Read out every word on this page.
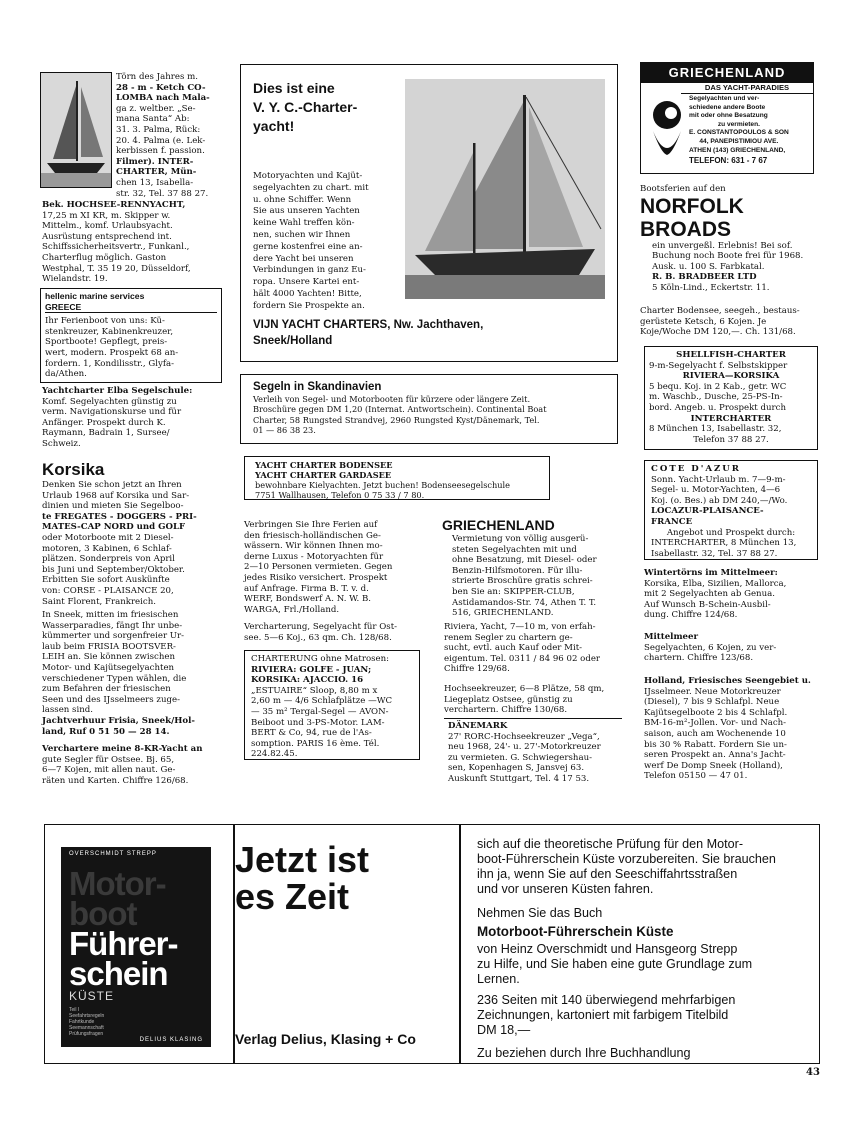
Törn des Jahres m.
28 - m - Ketch CO-
LOMBA nach Mala-
ga z. weltber. „Se-
mana Santa“ Ab:
31. 3. Palma, Rück:
20. 4. Palma (e. Lek-
kerbissen f. passion.
Filmer). INTER-
CHARTER, Mün-
chen 13, Isabella-
str. 32, Tel. 37 88 27.
Bek. HOCHSEE-RENNYACHT,
17,25 m XI KR, m. Skipper w.
Mittelm., komf. Urlaubsyacht.
Ausrüstung entsprechend int.
Schiffssicherheitsvertr., Funkanl.,
Charterflug möglich. Gaston
Westphal, T. 35 19 20, Düsseldorf,
Wielandstr. 19.
hellenic marine services
GREECE
Ihr Ferienboot von uns: Kü-
stenkreuzer, Kabinenkreuzer,
Sportboote! Gepflegt, preis-
wert, modern. Prospekt 68 an-
fordern. 1, Kondilisstr., Glyfa-
da/Athen.
Yachtcharter Elba Segelschule:
Komf. Segelyachten günstig zu
verm. Navigationskurse und für
Anfänger. Prospekt durch K.
Raymann, Badrain 1, Sursee/
Schweiz.
Korsika
Denken Sie schon jetzt an Ihren
Urlaub 1968 auf Korsika und Sar-
dinien und mieten Sie Segelboo-
te FREGATES - DOGGERS - PRI-
MATES-CAP NORD und GOLF
oder Motorboote mit 2 Diesel-
motoren, 3 Kabinen, 6 Schlaf-
plätzen. Sonderpreis von April
bis Juni und September/Oktober.
Erbitten Sie sofort Auskünfte
von: CORSE - PLAISANCE 20,
Saint Florent, Frankreich.
In Sneek, mitten im friesischen
Wasserparadies, fängt Ihr unbe-
kümmerter und sorgenfreier Ur-
laub beim FRISIA BOOTSVER-
LEIH an. Sie können zwischen
Motor- und Kajütsegelyachten
verschiedener Typen wählen, die
zum Befahren der friesischen
Seen und des IJsselmeers zuge-
lassen sind.
Jachtverhuur Frisia, Sneek/Hol-
land, Ruf 0 51 50 — 28 14.
Verchartere meine 8-KR-Yacht an
gute Segler für Ostsee. Bj. 65,
6—7 Kojen, mit allen naut. Ge-
räten und Karten. Chiffre 126/68.
Dies ist eine
V. Y. C.-Charter-
yacht!
Motoryachten und Kajüt-
segelyachten zu chart. mit
u. ohne Schiffer. Wenn
Sie aus unseren Yachten
keine Wahl treffen kön-
nen, suchen wir Ihnen
gerne kostenfrei eine an-
dere Yacht bei unseren
Verbindungen in ganz Eu-
ropa. Unsere Kartei ent-
hält 4000 Yachten! Bitte,
fordern Sie Prospekte an.
VIJN YACHT CHARTERS, Nw. Jachthaven,
Sneek/Holland
Segeln in Skandinavien
Verleih von Segel- und Motorbooten für kürzere oder längere Zeit.
Broschüre gegen DM 1,20 (Internat. Antwortschein). Continental Boat
Charter, 58 Rungsted Strandvej, 2960 Rungsted Kyst/Dänemark, Tel.
01 — 86 38 23.
YACHT CHARTER BODENSEE
YACHT CHARTER GARDASEE
bewohnbare Kielyachten. Jetzt buchen! Bodenseesegelschule
7751 Wallhausen, Telefon 0 75 33 / 7 80.
Verbringen Sie Ihre Ferien auf
den friesisch-holländischen Ge-
wässern. Wir können Ihnen mo-
derne Luxus - Motoryachten für
2—10 Personen vermieten. Gegen
jedes Risiko versichert. Prospekt
auf Anfrage. Firma B. T. v. d.
WERF, Bondswerf A. N. W. B.
WARGA, Frl./Holland.
Vercharterung, Segelyacht für Ost-
see. 5—6 Koj., 63 qm. Ch. 128/68.
CHARTERUNG ohne Matrosen:
RIVIERA: GOLFE - JUAN;
KORSIKA: AJACCIO. 16
„ESTUAIRE“ Sloop, 8,80 m x
2,60 m — 4/6 Schlafplätze —WC
— 35 m² Tergal-Segel — AVON-
Beiboot und 3-PS-Motor. LAM-
BERT & Co, 94, rue de l'As-
somption. PARIS 16 ème. Tél.
224.82.45.
GRIECHENLAND
Vermietung von völlig ausgerü-
steten Segelyachten mit und
ohne Besatzung, mit Diesel- oder
Benzin-Hilfsmotoren. Für illu-
strierte Broschüre gratis schrei-
ben Sie an: SKIPPER-CLUB,
Astidamandos-Str. 74, Athen T. T.
516, GRIECHENLAND.
Riviera, Yacht, 7—10 m, von erfah-
renem Segler zu chartern ge-
sucht, evtl. auch Kauf oder Mit-
eigentum. Tel. 0311 / 84 96 02 oder
Chiffre 129/68.
Hochseekreuzer, 6—8 Plätze, 58 qm,
Liegeplatz Ostsee, günstig zu
verchartern. Chiffre 130/68.
DÄNEMARK
27' RORC-Hochseekreuzer „Vega“,
neu 1968, 24'- u. 27'-Motorkreuzer
zu vermieten. G. Schwiegershau-
sen, Kopenhagen S, Jansvej 63.
Auskunft Stuttgart, Tel. 4 17 53.
GRIECHENLAND
DAS YACHT-PARADIES
Segelyachten und ver-
schiedene andere Boote
mit oder ohne Besatzung
zu vermieten.
E. CONSTANTOPOULOS & SON
44, PANEPISTIMIOU AVE.
ATHEN (143) GRIECHENLAND,
TELEFON: 631 - 7 67
Bootsferien auf den
NORFOLK
BROADS
ein unvergeßl. Erlebnis! Bei sof.
Buchung noch Boote frei für 1968.
Ausk. u. 100 S. Farbkatal.
R. B. BRADBEER LTD
5 Köln-Lind., Eckertstr. 11.
Charter Bodensee, seegeh., bestaus-
gerüstete Ketsch, 6 Kojen. Je
Koje/Woche DM 120,—. Ch. 131/68.
SHELLFISH-CHARTER
9-m-Segelyacht f. Selbstskipper
RIVIERA—KORSIKA
5 bequ. Koj. in 2 Kab., getr. WC
m. Waschb., Dusche, 25-PS-In-
bord. Angeb. u. Prospekt durch
INTERCHARTER
8 München 13, Isabellastr. 32,
Telefon 37 88 27.
COTE D'AZUR
Sonn. Yacht-Urlaub m. 7—9-m-
Segel- u. Motor-Yachten, 4—6
Koj. (o. Bes.) ab DM 240,—/Wo.
LOCAZUR-PLAISANCE-
FRANCE
Angebot und Prospekt durch:
INTERCHARTER, 8 München 13,
Isabellastr. 32, Tel. 37 88 27.
Wintertörns im Mittelmeer:
Korsika, Elba, Sizilien, Mallorca,
mit 2 Segelyachten ab Genua.
Auf Wunsch B-Schein-Ausbil-
dung. Chiffre 124/68.
Mittelmeer
Segelyachten, 6 Kojen, zu ver-
chartern. Chiffre 123/68.
Holland, Friesisches Seengebiet u.
IJsselmeer. Neue Motorkreuzer
(Diesel), 7 bis 9 Schlafpl. Neue
Kajütsegelboote 2 bis 4 Schlafpl.
BM-16-m²-Jollen. Vor- und Nach-
saison, auch am Wochenende 10
bis 30 % Rabatt. Fordern Sie un-
seren Prospekt an. Anna's Jacht-
werf De Domp Sneek (Holland),
Telefon 05150 — 47 01.
OVERSCHMIDT STREPP
Motor-
boot
Führer-
schein
KÜSTE
Teil I
Seefahrtsregeln
Fahrtkunde
Seemannschaft
Prüfungsfragen
DELIUS KLASING
Jetzt ist
es Zeit
Verlag Delius, Klasing + Co
sich auf die theoretische Prüfung für den Motor-
boot-Führerschein Küste vorzubereiten. Sie brauchen
ihn ja, wenn Sie auf den Seeschiffahrtsstraßen
und vor unseren Küsten fahren.
Nehmen Sie das Buch
Motorboot-Führerschein Küste
von Heinz Overschmidt und Hansgeorg Strepp
zu Hilfe, und Sie haben eine gute Grundlage zum
Lernen.
236 Seiten mit 140 überwiegend mehrfarbigen
Zeichnungen, kartoniert mit farbigem Titelbild
DM 18,—
Zu beziehen durch Ihre Buchhandlung
43
